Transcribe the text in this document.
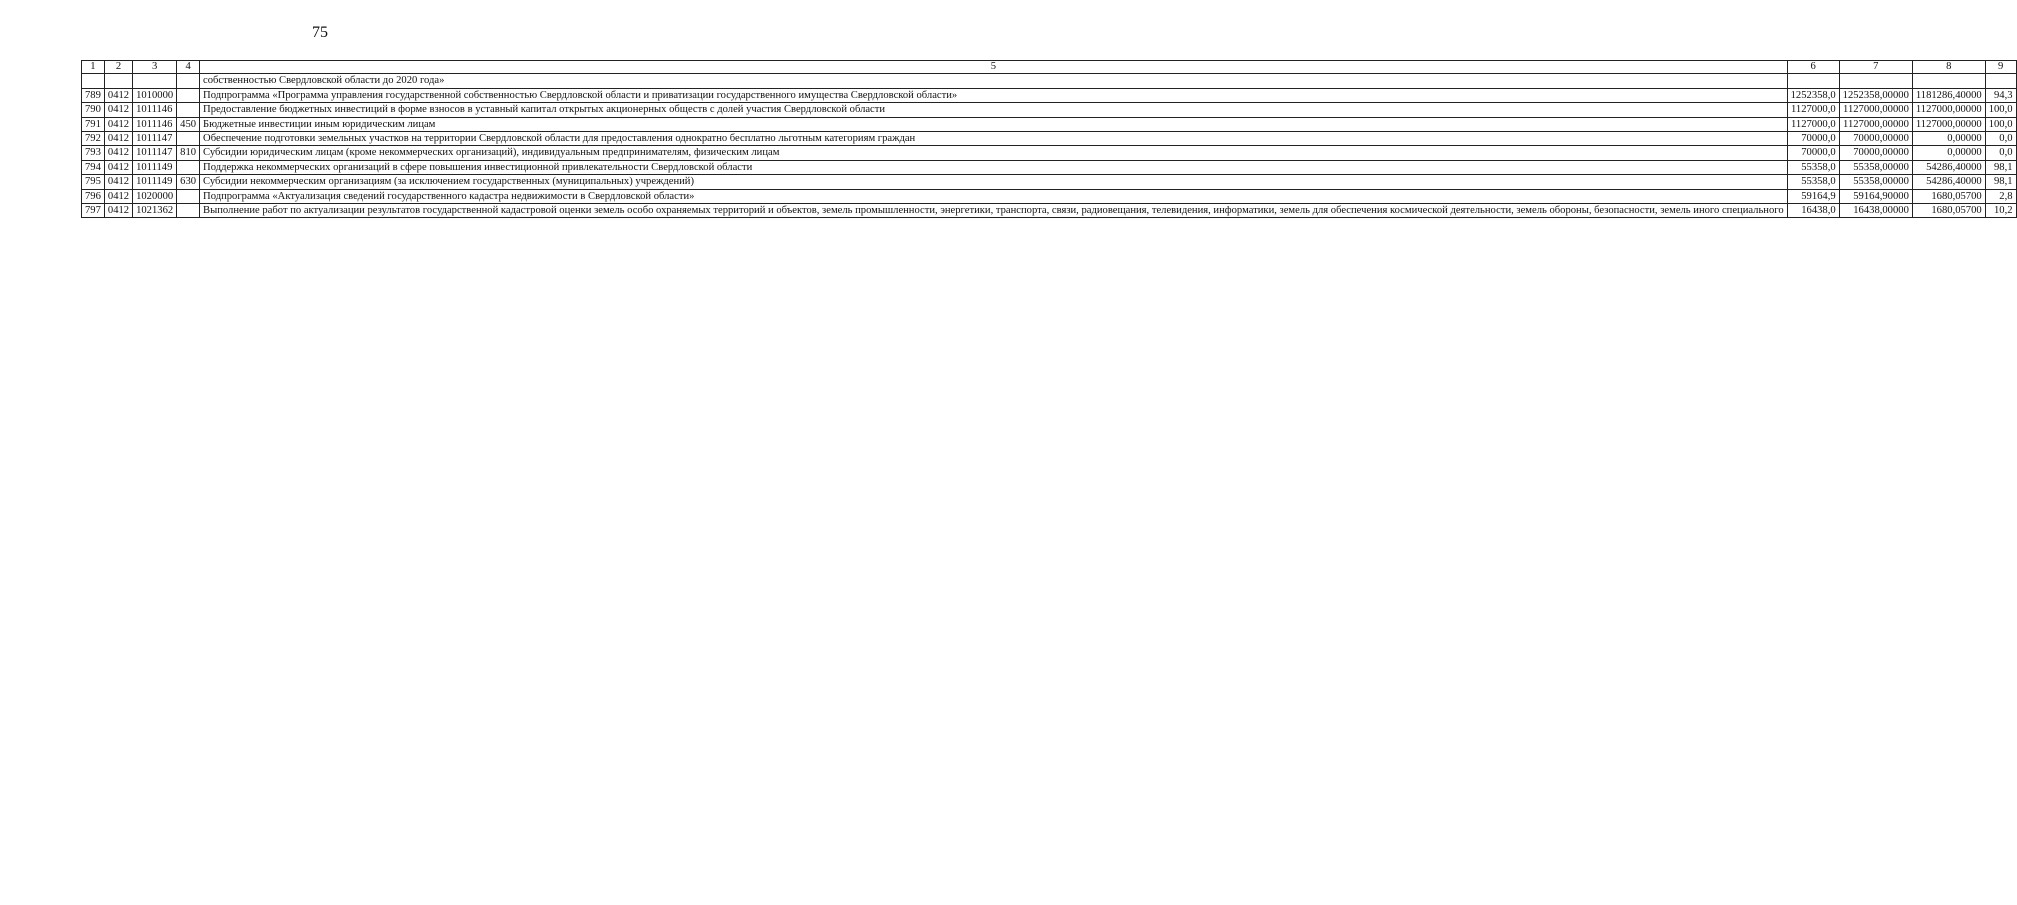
75
1	2	3	4	5	6	7	8	9
				собственностью Свердловской области до 2020 года»				
789	0412	1010000		Подпрограмма «Программа управления государственной собственностью Свердловской области и приватизации государственного имущества Свердловской области»	1252358,0	1252358,00000	1181286,40000	94,3
790	0412	1011146		Предоставление бюджетных инвестиций в форме взносов в уставный капитал открытых акционерных обществ с долей участия Свердловской области	1127000,0	1127000,00000	1127000,00000	100,0
791	0412	1011146	450	Бюджетные инвестиции иным юридическим лицам	1127000,0	1127000,00000	1127000,00000	100,0
792	0412	1011147		Обеспечение подготовки земельных участков на территории Свердловской области для предоставления однократно бесплатно льготным категориям граждан	70000,0	70000,00000	0,00000	0,0
793	0412	1011147	810	Субсидии юридическим лицам (кроме некоммерческих организаций), индивидуальным предпринимателям, физическим лицам	70000,0	70000,00000	0,00000	0,0
794	0412	1011149		Поддержка некоммерческих организаций в сфере повышения инвестиционной привлекательности Свердловской области	55358,0	55358,00000	54286,40000	98,1
795	0412	1011149	630	Субсидии некоммерческим организациям (за исключением государственных (муниципальных) учреждений)	55358,0	55358,00000	54286,40000	98,1
796	0412	1020000		Подпрограмма «Актуализация сведений государственного кадастра недвижимости в Свердловской области»	59164,9	59164,90000	1680,05700	2,8
797	0412	1021362		Выполнение работ по актуализации результатов государственной кадастровой оценки земель особо охраняемых территорий и объектов, земель промышленности, энергетики, транспорта, связи, радиовещания, телевидения, информатики, земель для обеспечения космической деятельности, земель обороны, безопасности, земель иного специального	16438,0	16438,00000	1680,05700	10,2
